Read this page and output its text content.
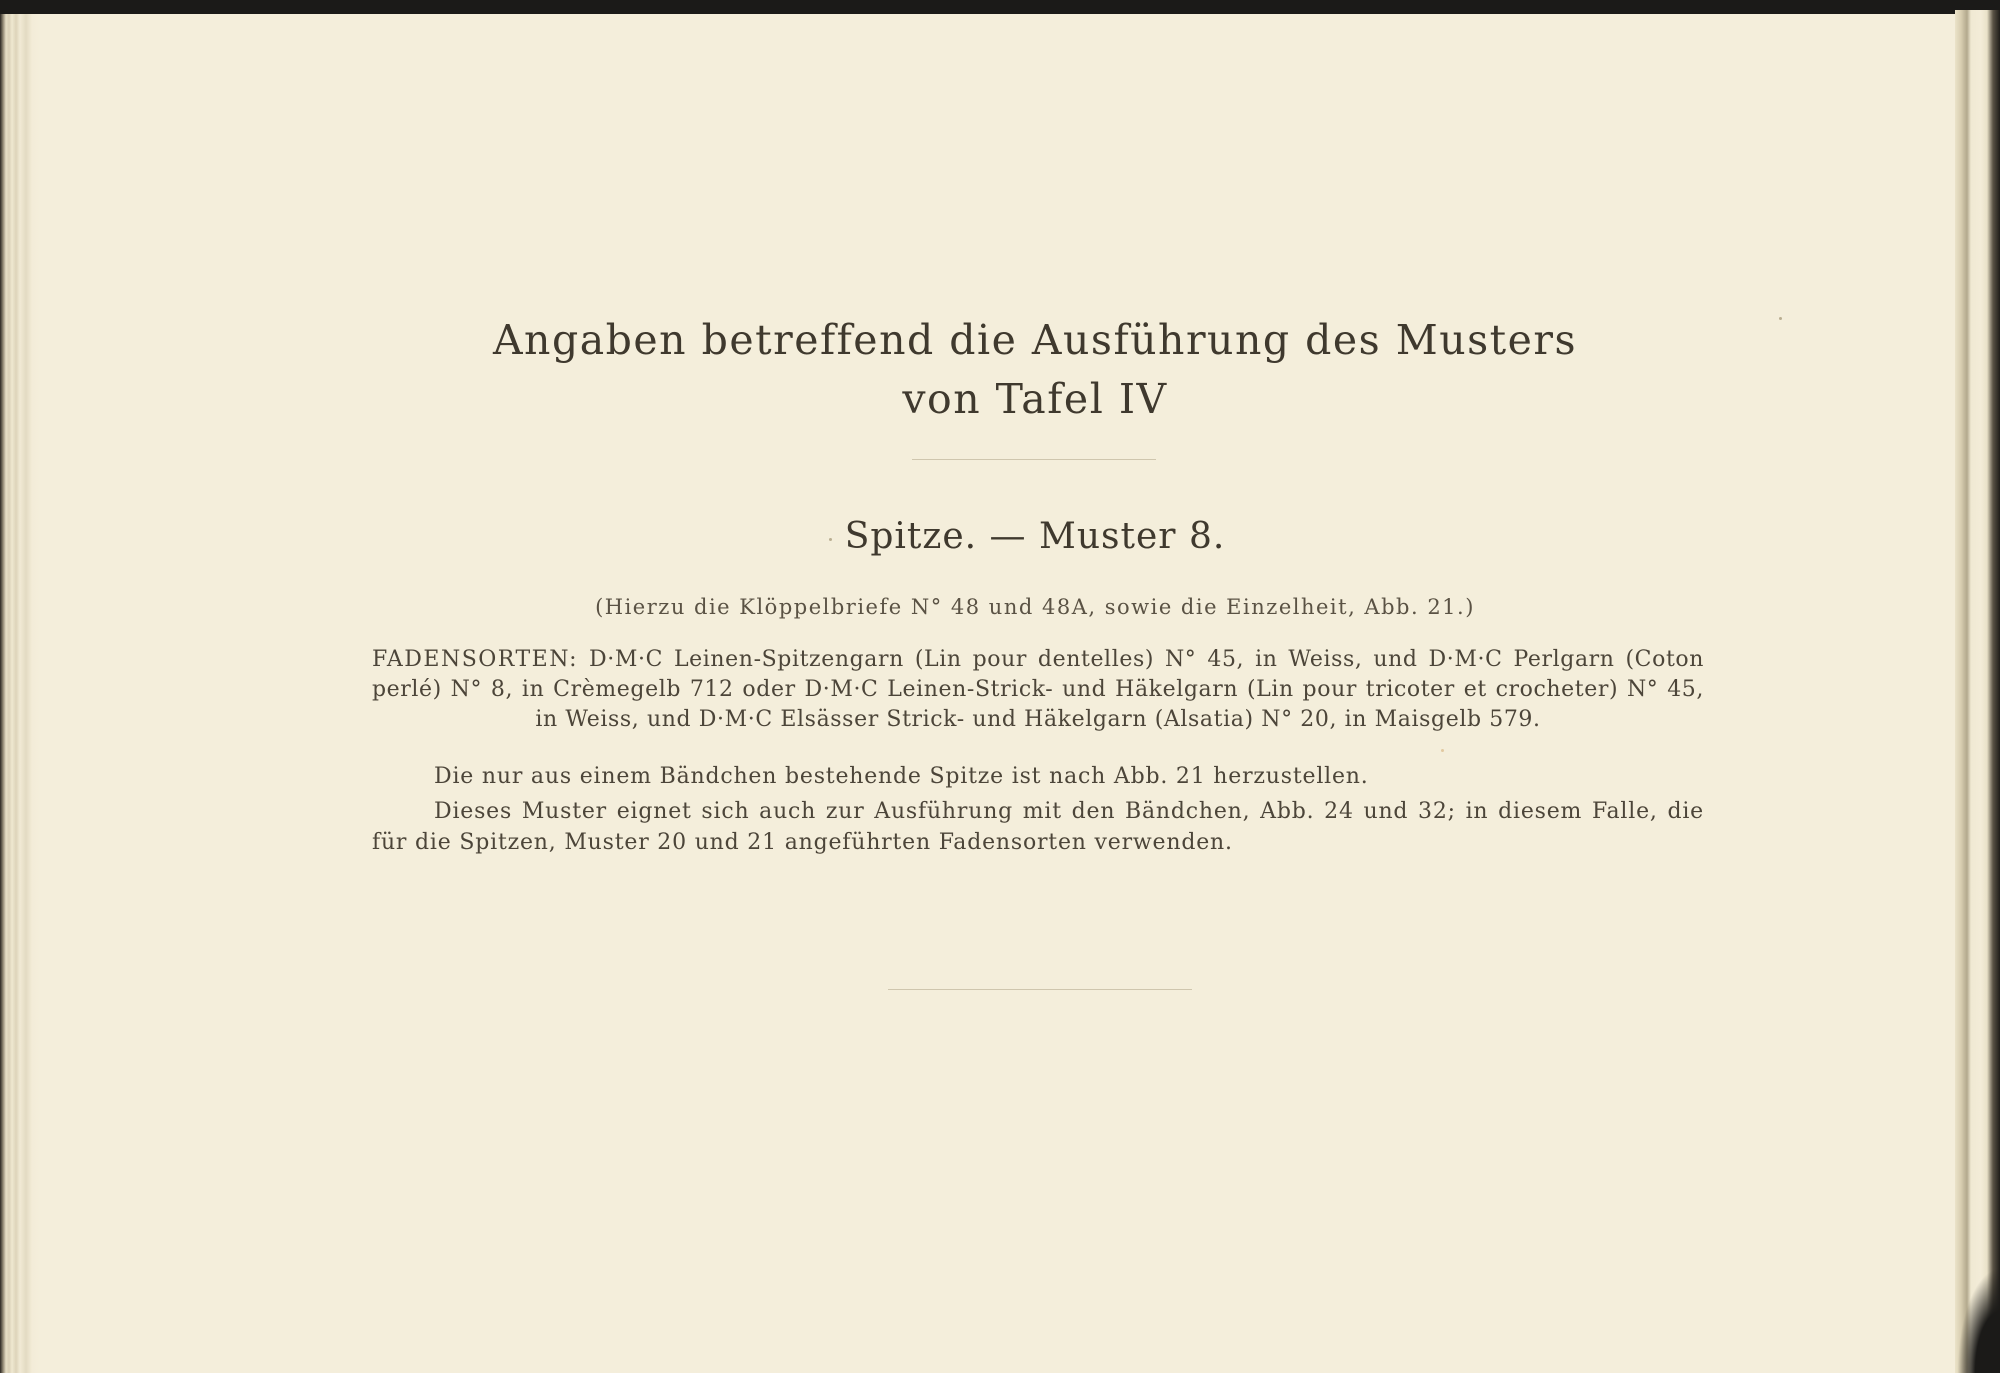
Angaben betreffend die Ausführung des Musters
von Tafel IV
Spitze. — Muster 8.
(Hierzu die Klöppelbriefe N° 48 und 48A, sowie die Einzelheit, Abb. 21.)
FADENSORTEN: D·M·C Leinen-Spitzengarn (Lin pour dentelles) N° 45, in Weiss, und D·M·C Perlgarn (Coton perlé) N° 8, in Crèmegelb 712 oder D·M·C Leinen-Strick- und Häkelgarn (Lin pour tricoter et crocheter) N° 45, in Weiss, und D·M·C Elsässer Strick- und Häkelgarn (Alsatia) N° 20, in Maisgelb 579.
Die nur aus einem Bändchen bestehende Spitze ist nach Abb. 21 herzustellen.
Dieses Muster eignet sich auch zur Ausführung mit den Bändchen, Abb. 24 und 32; in diesem Falle, die für die Spitzen, Muster 20 und 21 angeführten Fadensorten verwenden.
